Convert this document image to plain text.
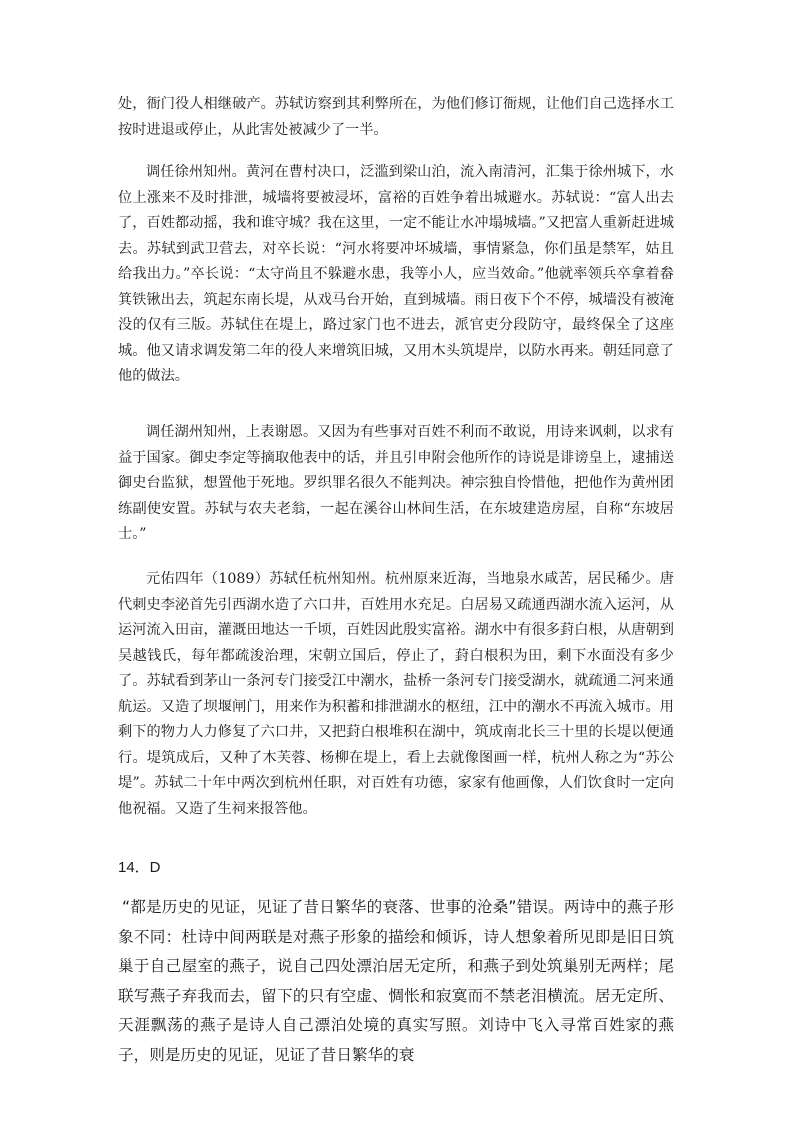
处，衙门役人相继破产。苏轼访察到其利弊所在，为他们修订衙规，让他们自己选择水工按时进退或停止，从此害处被减少了一半。

调任徐州知州。黄河在曹村决口，泛滥到梁山泊，流入南清河，汇集于徐州城下，水位上涨来不及时排泄，城墙将要被浸坏，富裕的百姓争着出城避水。苏轼说：“富人出去了，百姓都动摇，我和谁守城？我在这里，一定不能让水冲塌城墙。”又把富人重新赶进城去。苏轼到武卫营去，对卒长说：“河水将要冲坏城墙，事情紧急，你们虽是禁军，姑且给我出力。”卒长说：“太守尚且不躲避水患，我等小人，应当效命。”他就率领兵卒拿着畚箕铁锹出去，筑起东南长堤，从戏马台开始，直到城墙。雨日夜下个不停，城墙没有被淹没的仅有三版。苏轼住在堤上，路过家门也不进去，派官吏分段防守，最终保全了这座城。他又请求调发第二年的役人来增筑旧城，又用木头筑堤岸，以防水再来。朝廷同意了他的做法。

调任湖州知州，上表谢恩。又因为有些事对百姓不利而不敢说，用诗来讽刺，以求有益于国家。御史李定等摘取他表中的话，并且引申附会他所作的诗说是诽谤皇上，逮捕送御史台监狱，想置他于死地。罗织罪名很久不能判决。神宗独自怜惜他，把他作为黄州团练副使安置。苏轼与农夫老翁，一起在溪谷山林间生活，在东坡建造房屋，自称“东坡居士。”

元佑四年（1089）苏轼任杭州知州。杭州原来近海，当地泉水咸苦，居民稀少。唐代刺史李泌首先引西湖水造了六口井，百姓用水充足。白居易又疏通西湖水流入运河，从运河流入田亩，灌溉田地达一千顷，百姓因此殷实富裕。湖水中有很多葑白根，从唐朝到吴越钱氏，每年都疏浚治理，宋朝立国后，停止了，葑白根积为田，剩下水面没有多少了。苏轼看到茅山一条河专门接受江中潮水，盐桥一条河专门接受湖水，就疏通二河来通航运。又造了坝堰闸门，用来作为积蓄和排泄湖水的枢纽，江中的潮水不再流入城市。用剩下的物力人力修复了六口井，又把葑白根堆积在湖中，筑成南北长三十里的长堤以便通行。堤筑成后，又种了木芙蓉、杨柳在堤上，看上去就像图画一样，杭州人称之为“苏公堤”。苏轼二十年中两次到杭州任职，对百姓有功德，家家有他画像，人们饮食时一定向他祝福。又造了生祠来报答他。

14．D

“都是历史的见证，见证了昔日繁华的衰落、世事的沧桑”错误。两诗中的燕子形象不同：杜诗中间两联是对燕子形象的描绘和倾诉，诗人想象着所见即是旧日筑巢于自己屋室的燕子，说自己四处漂泊居无定所，和燕子到处筑巢别无两样；尾联写燕子弃我而去，留下的只有空虚、惆怅和寂寞而不禁老泪横流。居无定所、天涯飘荡的燕子是诗人自己漂泊处境的真实写照。刘诗中飞入寻常百姓家的燕子，则是历史的见证，见证了昔日繁华的衰
